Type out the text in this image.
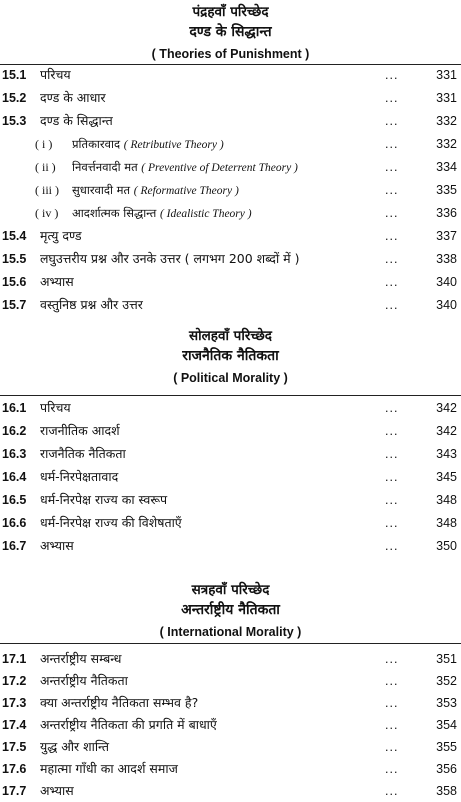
पंद्रहवाँ परिच्छेद
दण्ड के सिद्धान्त
( Theories of Punishment )
15.1	परिचय	...	331
15.2	दण्ड के आधार	...	331
15.3	दण्ड के सिद्धान्त	...	332
( i ) प्रतिकारवाद ( Retributive Theory )	...	332
( ii ) निवर्त्तनवादी मत ( Preventive of Deterrent Theory )	...	334
( iii ) सुधारवादी मत ( Reformative Theory )	...	335
( iv ) आदर्शात्मक सिद्धान्त ( Idealistic Theory )	...	336
15.4	मृत्यु दण्ड	...	337
15.5	लघुउत्तरीय प्रश्न और उनके उत्तर ( लगभग 200 शब्दों में )	...	338
15.6	अभ्यास	...	340
15.7	वस्तुनिष्ठ प्रश्न और उत्तर	...	340
सोलहवाँ परिच्छेद
राजनैतिक नैतिकता
( Political Morality )
16.1	परिचय	...	342
16.2	राजनीतिक आदर्श	...	342
16.3	राजनैतिक नैतिकता	...	343
16.4	धर्म-निरपेक्षतावाद	...	345
16.5	धर्म-निरपेक्ष राज्य का स्वरूप	...	348
16.6	धर्म-निरपेक्ष राज्य की विशेषताएँ	...	348
16.7	अभ्यास	...	350
सत्रहवाँ परिच्छेद
अन्तर्राष्ट्रीय नैतिकता
( International Morality )
17.1	अन्तर्राष्ट्रीय सम्बन्ध	...	351
17.2	अन्तर्राष्ट्रीय नैतिकता	...	352
17.3	क्या अन्तर्राष्ट्रीय नैतिकता सम्भव है?	...	353
17.4	अन्तर्राष्ट्रीय नैतिकता की प्रगति में बाधाएँ	...	354
17.5	युद्ध और शान्ति	...	355
17.6	महात्मा गाँधी का आदर्श समाज	...	356
17.7	अभ्यास	...	358
